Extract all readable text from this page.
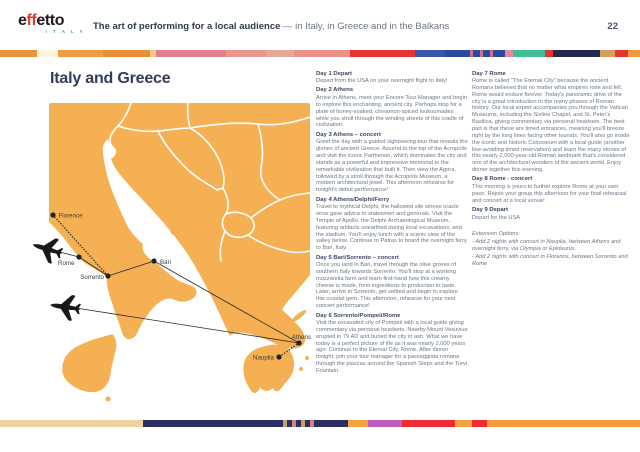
effetto
I T A L Y The art of performing for a local audience — in Italy, in Greece and in the Balkans	22
Italy and Greece
Florence
Rome
Sorrento
Bari
Athens
Nauplia
Day 1 Depart

Depart from the USA on your overnight flight to Italy!

Day 2 Athens

Arrive in Athens, meet your Encore Tour Manager and begin to explore this enchanting, ancient city. Perhaps stop for a plate of honey-soaked, cinnamon-spiced loukoumades while you stroll through the winding streets of this cradle of civilization.

Day 3 Athens – concert

Greet the day with a guided sightseeing tour that reveals the glories of ancient Greece. Ascend to the top of the Acropolis and visit the iconic Parthenon, which dominates the city and stands as a powerful and impressive memorial to the remarkable civilization that built it. Then view the Agora, followed by a stroll through the Acropolis Museum, a modern architectural jewel. This afternoon rehearse for tonight's debut performance!

Day 4 Athens/Delphi/Ferry

Travel to mythical Delphi, the hallowed site whose oracle once gave advice to statesmen and generals. Visit the Temple of Apollo, the Delphi Archaeological Museum, featuring artifacts unearthed during local excavations, and the stadium. You'll enjoy lunch with a scenic view of the valley below. Continue to Patras to board the overnight ferry to Bari, Italy.

Day 5 Bari/Sorrento – concert

Once you land in Bari, travel through the olive groves of southern Italy towards Sorrento. You'll stop at a working mozzarella farm and learn first-hand how this creamy cheese is made, from ingredients to production to taste. Later, arrive in Sorrento, get settled and begin to explore this coastal gem. This afternoon, rehearse for your next concert performance!

Day 6 Sorrento/Pompeii/Rome

Visit the excavated city of Pompeii with a local guide giving commentary via personal headsets. Nearby Mount Vesuvius erupted in 79 AD and buried the city in ash. What we have today is a perfect picture of life as it was nearly 2,000 years ago. Continue to the Eternal City, Rome. After dinner tonight, join your tour manager for a passeggiata romana through the piazzas around the Spanish Steps and the Trevi Fountain.

Day 7 Rome

Rome is called "The Eternal City" because the ancient Romans believed that no matter what empires rose and fell, Rome would endure forever. Today's panoramic drive of the city is a great introduction to the many phases of Roman history. Our local expert accompanies you through the Vatican Museums, including the Sistine Chapel, and St. Peter's Basilica, giving commentary via personal headsets. The best part is that these are timed entrances, meaning you'll breeze right by the long lines facing other tourists. You'll also go inside the iconic and historic Colosseum with a local guide (another line-avoiding timed reservation) and learn the many stories of this nearly 2,000-year-old Roman landmark that's considered one of the architectural wonders of the ancient world. Enjoy dinner together this evening.

Day 8 Rome - concert

This morning is yours to further explore Rome at your own pace. Rejoin your group this afternoon for your final rehearsal and concert at a local venue!

Day 9 Depart

Depart for the USA

Extension Options:

- Add 2 nights with concert in Nauplia, between Athens and overnight ferry, via Olympia or Epidaurus.

- Add 2 nights with concert in Florence, between Sorrento and Rome
